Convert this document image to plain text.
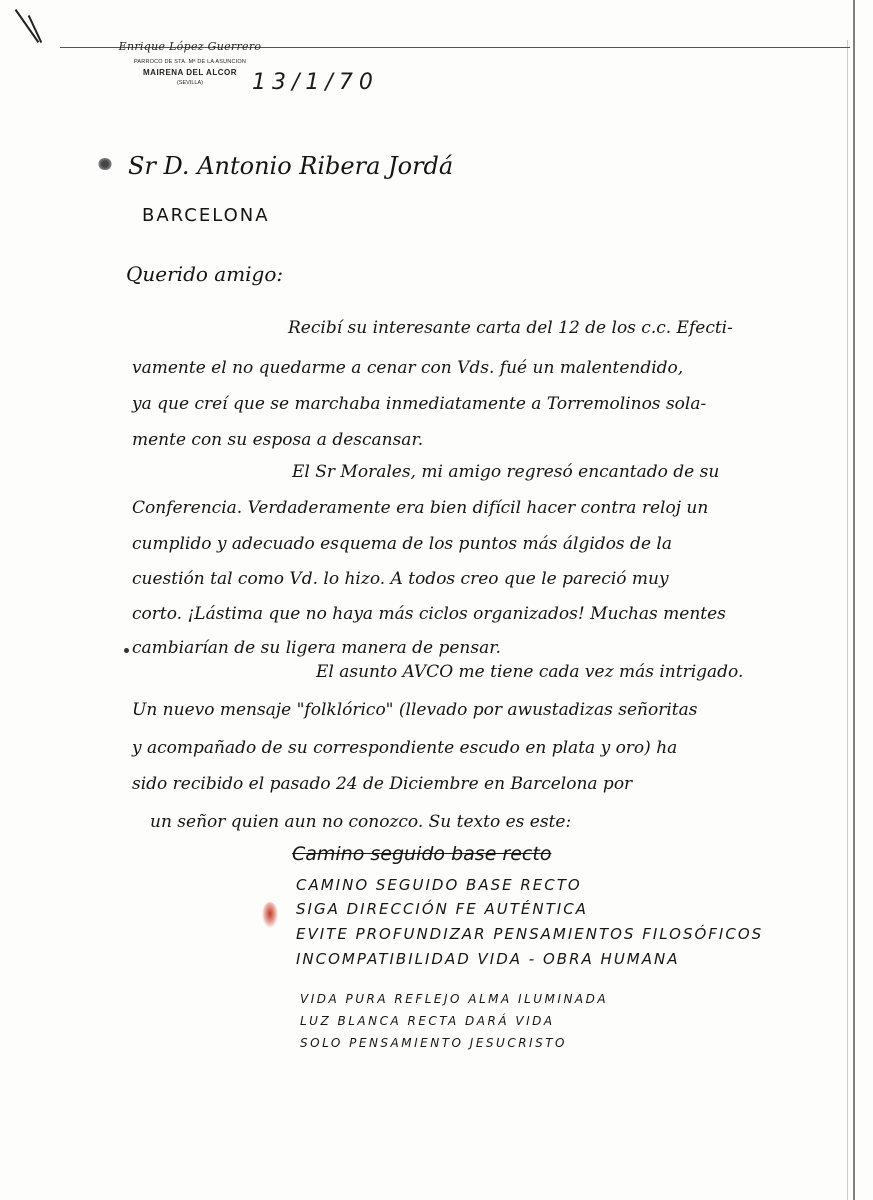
Enrique López Guerrero
PARROCO DE STA. Mª DE LA ASUNCION
MAIRENA DEL ALCOR
(SEVILLA)	13/1/70
Sr D. Antonio Ribera Jordá
BARCELONA
Querido amigo:
Recibí su interesante carta del 12 de los c.c. Efecti-
vamente el no quedarme a cenar con Vds. fué un malentendido,
ya que creí que se marchaba inmediatamente a Torremolinos sola-
mente con su esposa a descansar.
El Sr Morales, mi amigo regresó encantado de su
Conferencia. Verdaderamente era bien difícil hacer contra reloj un
cumplido y adecuado esquema de los puntos más álgidos de la
cuestión tal como Vd. lo hizo. A todos creo que le pareció muy
corto. ¡Lástima que no haya más ciclos organizados! Muchas mentes
cambiarían de su ligera manera de pensar.
El asunto AVCO me tiene cada vez más intrigado.
Un nuevo mensaje "folklórico" (llevado por awustadizas señoritas
y acompañado de su correspondiente escudo en plata y oro) ha
sido recibido el pasado 24 de Diciembre en Barcelona por
un señor quien aun no conozco. Su texto es este:
Camino seguido base recto
CAMINO SEGUIDO BASE RECTO
SIGA DIRECCIÓN FE AUTÉNTICA
EVITE PROFUNDIZAR PENSAMIENTOS FILOSÓFICOS
INCOMPATIBILIDAD VIDA - OBRA HUMANA
VIDA PURA REFLEJO ALMA ILUMINADA
LUZ BLANCA RECTA DARÁ VIDA
SOLO PENSAMIENTO JESUCRISTO
